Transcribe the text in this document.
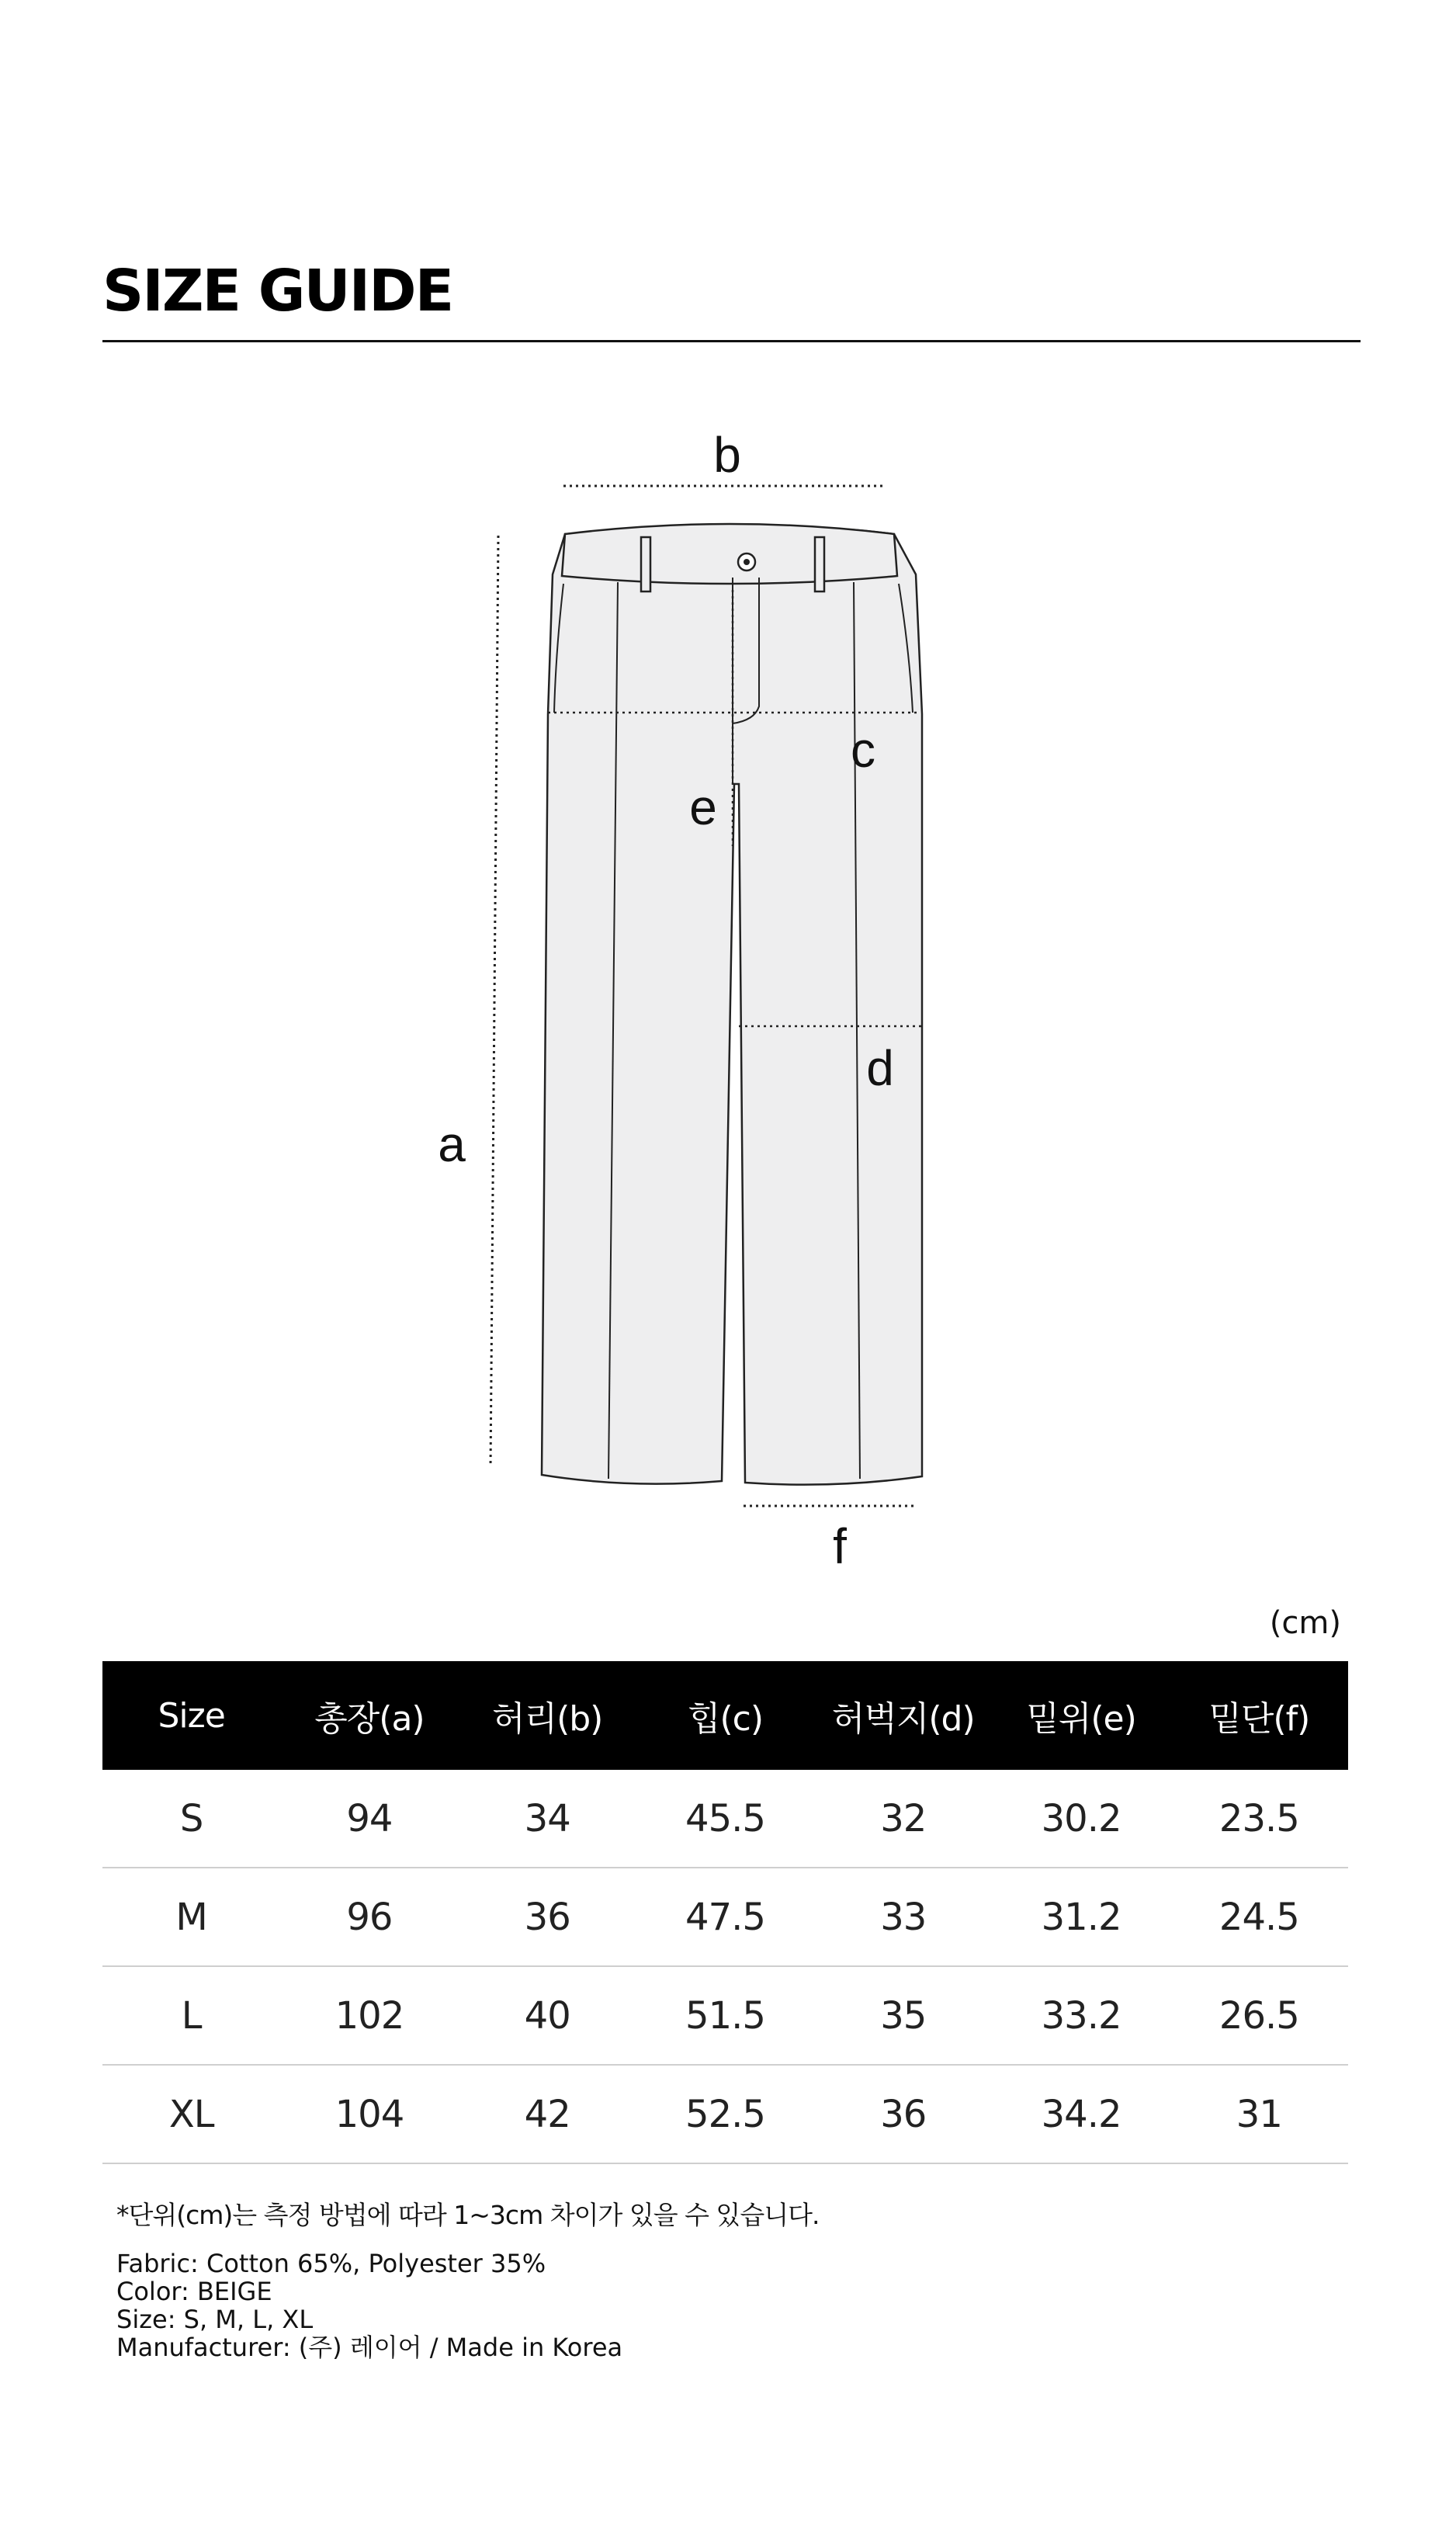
SIZE GUIDE
a
b
c
d
e
f
(cm)
Size	총장(a)	허리(b)	힙(c)	허벅지(d)	밑위(e)	밑단(f)
S	94	34	45.5	32	30.2	23.5
M	96	36	47.5	33	31.2	24.5
L	102	40	51.5	35	33.2	26.5
XL	104	42	52.5	36	34.2	31
*단위(cm)는 측정 방법에 따라 1~3cm 차이가 있을 수 있습니다.
Fabric: Cotton 65%, Polyester 35%
Color: BEIGE
Size: S, M, L, XL
Manufacturer: (주) 레이어 / Made in Korea
